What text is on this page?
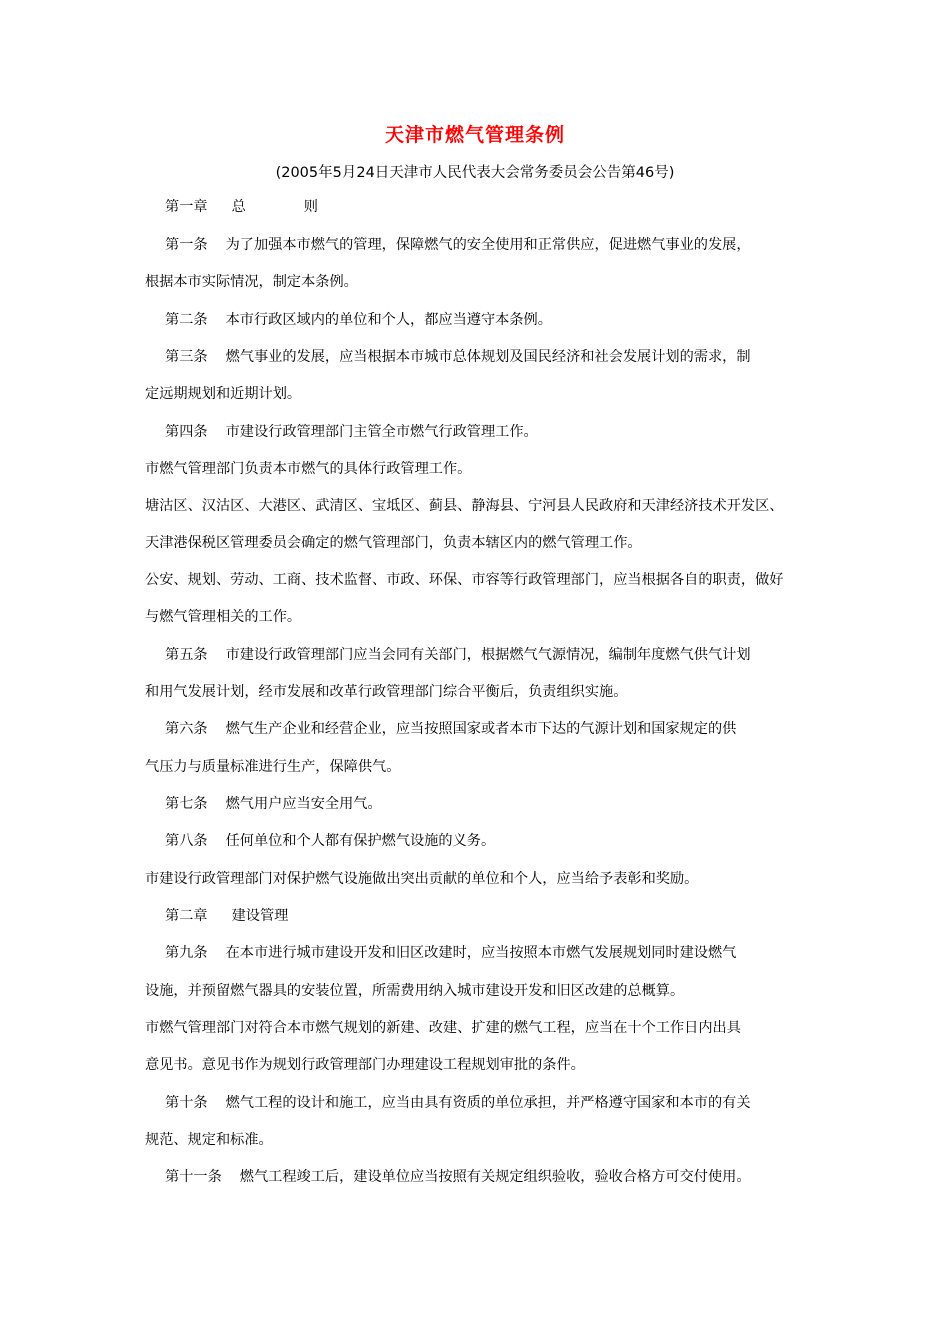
天津市燃气管理条例
(2005年5月24日天津市人民代表大会常务委员会公告第46号)
第一章 总	则
第一条 为了加强本市燃气的管理，保障燃气的安全使用和正常供应，促进燃气事业的发展，
根据本市实际情况，制定本条例。
第二条 本市行政区域内的单位和个人，都应当遵守本条例。
第三条 燃气事业的发展，应当根据本市城市总体规划及国民经济和社会发展计划的需求，制
定远期规划和近期计划。
第四条 市建设行政管理部门主管全市燃气行政管理工作。
市燃气管理部门负责本市燃气的具体行政管理工作。
塘沽区、汉沽区、大港区、武清区、宝坻区、蓟县、静海县、宁河县人民政府和天津经济技术开发区、
天津港保税区管理委员会确定的燃气管理部门，负责本辖区内的燃气管理工作。
公安、规划、劳动、工商、技术监督、市政、环保、市容等行政管理部门，应当根据各自的职责，做好
与燃气管理相关的工作。
第五条 市建设行政管理部门应当会同有关部门，根据燃气气源情况，编制年度燃气供气计划
和用气发展计划，经市发展和改革行政管理部门综合平衡后，负责组织实施。
第六条 燃气生产企业和经营企业，应当按照国家或者本市下达的气源计划和国家规定的供
气压力与质量标准进行生产，保障供气。
第七条 燃气用户应当安全用气。
第八条 任何单位和个人都有保护燃气设施的义务。
市建设行政管理部门对保护燃气设施做出突出贡献的单位和个人，应当给予表彰和奖励。
第二章 建设管理
第九条 在本市进行城市建设开发和旧区改建时，应当按照本市燃气发展规划同时建设燃气
设施，并预留燃气器具的安装位置，所需费用纳入城市建设开发和旧区改建的总概算。
市燃气管理部门对符合本市燃气规划的新建、改建、扩建的燃气工程，应当在十个工作日内出具
意见书。意见书作为规划行政管理部门办理建设工程规划审批的条件。
第十条 燃气工程的设计和施工，应当由具有资质的单位承担，并严格遵守国家和本市的有关
规范、规定和标准。
第十一条 燃气工程竣工后，建设单位应当按照有关规定组织验收，验收合格方可交付使用。
